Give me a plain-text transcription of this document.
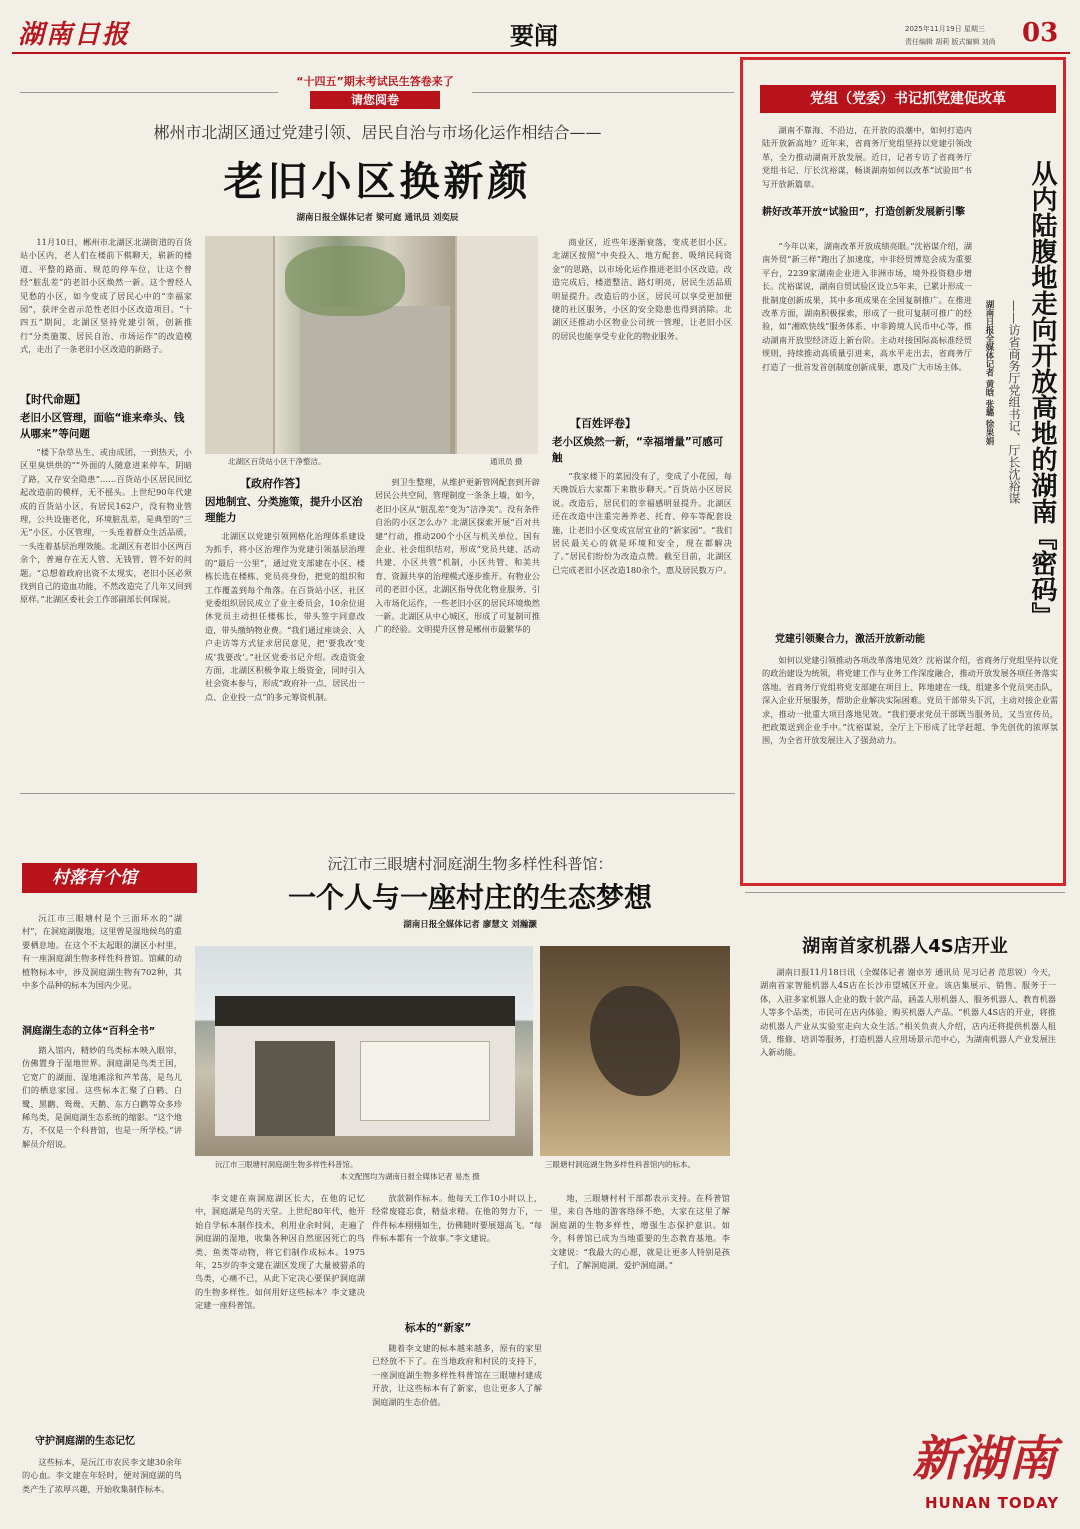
湖南日报	要闻	2025年11月19日 星期三
责任编辑 胡莉 版式编辑 刘尚 03
“十四五”期末考试民生答卷来了
请您阅卷
郴州市北湖区通过党建引领、居民自治与市场化运作相结合——
老旧小区换新颜
湖南日报全媒体记者 梁可庭 通讯员 刘奕辰

11月10日，郴州市北湖区北湖街道的百货站小区内，老人们在楼前下棋聊天，崭新的楼道、平整的路面、规范的停车位，让这个曾经“脏乱差”的老旧小区焕然一新。这个曾经人见愁的小区，如今变成了居民心中的“幸福家园”，获评全省示范性老旧小区改造项目。“十四五”期间，北湖区坚持党建引领，创新推行“分类施策、居民自治、市场运作”的改造模式，走出了一条老旧小区改造的新路子。

【时代命题】
老旧小区管理，面临“谁来牵头、钱从哪来”等问题

“楼下杂草丛生、或由成团，一到热天，小区里臭烘烘的”“外面的人随意进来停车，阴暗了路，又存安全隐患”……百货站小区居民回忆起改造前的模样，无不摇头。上世纪90年代建成的百货站小区，有居民162户，没有物业管理，公共设施老化，环境脏乱差，是典型的“三无”小区。小区管理，一头连着群众生活品质，一头连着基层治理效能。北湖区有老旧小区两百余个，普遍存在无人管、无钱管、管不好的问题。“总想着政府出资不太现实，老旧小区必须找到自己的造血功能，不然改造完了几年又回到原样。”北湖区委社会工作部副部长何琛说。

北湖区百货站小区干净整洁。	通讯员 摄
【政府作答】
因地制宜、分类施策，提升小区治理能力

北湖区以党建引领网格化治理体系建设为抓手，将小区治理作为党建引领基层治理的“最后一公里”，通过党支部建在小区、楼栋长选在楼栋、党员亮身份，把党的组织和工作覆盖到每个角落。在百货站小区，社区党委组织居民成立了业主委员会，10余位退休党员主动担任楼栋长，带头签字同意改造，带头缴纳物业费。“我们通过座谈会、入户走访等方式征求居民意见，把‘要我改’变成‘我要改’。”社区党委书记介绍。改造资金方面，北湖区积极争取上级资金，同时引入社会资本参与，形成“政府补一点、居民出一点、企业投一点”的多元筹资机制。

到卫生整理，从维护更新管网配套到开辟居民公共空间，管理制度一条条上墙，如今，老旧小区从“脏乱差”变为“洁净美”。没有条件自治的小区怎么办？北湖区探索开展“百对共建”行动，推动200个小区与机关单位、国有企业、社会组织结对，形成“党员共建、活动共建、小区共管”机制，小区共管、和美共育、资源共享的治理模式逐步推开。有物业公司的老旧小区，北湖区指导优化物业服务，引入市场化运作，一些老旧小区的居民环境焕然一新。北湖区从中心城区，形成了可复制可推广的经验。文明提升区曾是郴州市最繁华的

商业区，近些年逐渐衰落，变成老旧小区。北湖区按照“中央投入、地方配套、吸纳民间资金”的思路，以市场化运作推进老旧小区改造。改造完成后，楼道整洁、路灯明亮，居民生活品质明显提升。改造后的小区，居民可以享受更加便捷的社区服务，小区的安全隐患也得到消除。北湖区还推动小区物业公司统一管理，让老旧小区的居民也能享受专业化的物业服务。

【百姓评卷】
老小区焕然一新，“幸福增量”可感可触

“我家楼下的菜园没有了，变成了小花园，每天晚饭后大家都下来散步聊天。”百货站小区居民说。改造后，居民们的幸福感明显提升。北湖区还在改造中注重完善养老、托育、停车等配套设施，让老旧小区变成宜居宜业的“新家园”。“我们居民最关心的就是环境和安全，现在都解决了。”居民们纷纷为改造点赞。截至目前，北湖区已完成老旧小区改造180余个，惠及居民数万户。

党组（党委）书记抓党建促改革

湖南不靠海、不沿边，在开放的浪潮中，如何打造内陆开放新高地？近年来，省商务厅党组坚持以党建引领改革，全力推动湖南开放发展。近日，记者专访了省商务厅党组书记、厅长沈裕谋，畅谈湖南如何以改革“试验田”书写开放新篇章。

耕好改革开放“试验田”，打造创新发展新引擎

“今年以来，湖南改革开放成绩亮眼。”沈裕谋介绍，湖南外贸“新三样”跑出了加速度，中非经贸博览会成为重要平台，2239家湖南企业进入非洲市场，境外投资稳步增长。沈裕谋说，湖南自贸试验区设立5年来，已累计形成一批制度创新成果，其中多项成果在全国复制推广。在推进改革方面，湖南积极探索，形成了一批可复制可推广的经验，如“湘欧快线”服务体系、中非跨境人民币中心等，推动湖南开放型经济迈上新台阶。主动对接国际高标准经贸规则，持续推动高质量引进来，高水平走出去，省商务厅打造了一批首发首创制度创新成果，惠及广大市场主体。 从内陆腹地走向开放高地的湖南『密码』
——访省商务厅党组书记、厅长沈裕谋
湖南日报全媒体记者 黄晗 张璐 徐果娟
党建引领聚合力，激活开放新动能

如何以党建引领推动各项改革落地见效？沈裕谋介绍，省商务厅党组坚持以党的政治建设为统领，将党建工作与业务工作深度融合，推动开放发展各项任务落实落地。省商务厅党组将党支部建在项目上、阵地建在一线，组建多个党员突击队，深入企业开展服务，帮助企业解决实际困难。党员干部带头下沉，主动对接企业需求，推动一批重大项目落地见效。“我们要求党员干部既当服务员，又当宣传员，把政策送到企业手中。”沈裕谋说，全厅上下形成了比学赶超、争先创优的浓厚氛围，为全省开放发展注入了强劲动力。

村落有个馆
沅江市三眼塘村洞庭湖生物多样性科普馆：
一个人与一座村庄的生态梦想
湖南日报全媒体记者 廖慧文 刘瀚灏

沅江市三眼塘村是个三面环水的“湖村”，在洞庭湖腹地，这里曾是湿地候鸟的重要栖息地。在这个不太起眼的湖区小村里，有一座洞庭湖生物多样性科普馆。馆藏的动植物标本中，涉及洞庭湖生物有702种，其中多个品种的标本为国内少见。

洞庭湖生态的立体“百科全书”

踏入馆内，精妙的鸟类标本映入眼帘，仿佛置身于湿地世界。洞庭湖是鸟类王国，它宽广的湖面、湿地滩涂和芦苇荡，是鸟儿们的栖息家园。这些标本汇聚了白鹤、白鹭、黑鹳、鸳鸯、天鹅、东方白鹳等众多珍稀鸟类，是洞庭湖生态系统的缩影。“这个地方，不仅是一个科普馆，也是一所学校。”讲解员介绍说。

守护洞庭湖的生态记忆

这些标本，是沅江市农民李文建30余年的心血。李文建在年轻时，便对洞庭湖的鸟类产生了浓厚兴趣，开始收集制作标本。

沅江市三眼塘村洞庭湖生物多样性科普馆。
本文配图均为湖南日报全媒体记者 易杰 摄
三眼塘村洞庭湖生物多样性科普馆内的标本。

李文建在南洞庭湖区长大，在他的记忆中，洞庭湖是鸟的天堂。上世纪80年代，他开始自学标本制作技术，利用业余时间，走遍了洞庭湖的湿地，收集各种因自然原因死亡的鸟类、鱼类等动物，将它们制作成标本。1975年，25岁的李文建在湖区发现了大量被猎杀的鸟类，心痛不已，从此下定决心要保护洞庭湖的生物多样性。如何用好这些标本？李文建决定建一座科普馆。

放款制作标本。他每天工作10小时以上，经常废寝忘食，精益求精。在他的努力下，一件件标本栩栩如生，仿佛随时要展翅高飞。“每件标本都有一个故事。”李文建说。

标本的“新家”

随着李文建的标本越来越多，原有的家里已经放不下了。在当地政府和村民的支持下，一座洞庭湖生物多样性科普馆在三眼塘村建成开放，让这些标本有了新家，也让更多人了解洞庭湖的生态价值。

地，三眼塘村村干部都表示支持。在科普馆里，来自各地的游客络绎不绝，大家在这里了解洞庭湖的生物多样性，增强生态保护意识。如今，科普馆已成为当地重要的生态教育基地。李文建说：“我最大的心愿，就是让更多人特别是孩子们，了解洞庭湖、爱护洞庭湖。”

湖南首家机器人4S店开业

湖南日报11月18日讯（全媒体记者 谢卓芳 通讯员 见习记者 范思锐）今天，湖南首家智能机器人4S店在长沙市望城区开业。该店集展示、销售、服务于一体，入驻多家机器人企业的数十款产品，涵盖人形机器人、服务机器人、教育机器人等多个品类，市民可在店内体验、购买机器人产品。“机器人4S店的开业，将推动机器人产业从实验室走向大众生活。”相关负责人介绍，店内还将提供机器人租赁、维修、培训等服务，打造机器人应用场景示范中心，为湖南机器人产业发展注入新动能。

新湖南
HUNAN TODAY
